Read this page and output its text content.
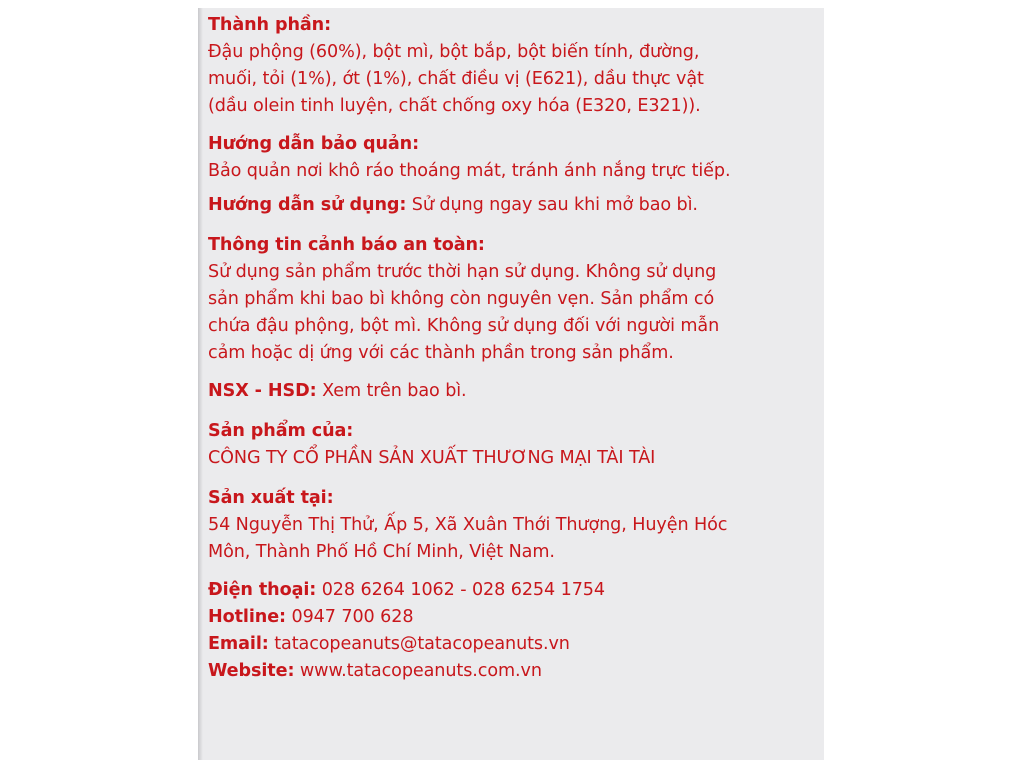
Thành phần:
Đậu phộng (60%), bột mì, bột bắp, bột biến tính, đường,
muối, tỏi (1%), ớt (1%), chất điều vị (E621), dầu thực vật
(dầu olein tinh luyện, chất chống oxy hóa (E320, E321)).
Hướng dẫn bảo quản:
Bảo quản nơi khô ráo thoáng mát, tránh ánh nắng trực tiếp.
Hướng dẫn sử dụng: Sử dụng ngay sau khi mở bao bì.
Thông tin cảnh báo an toàn:
Sử dụng sản phẩm trước thời hạn sử dụng. Không sử dụng
sản phẩm khi bao bì không còn nguyên vẹn. Sản phẩm có
chứa đậu phộng, bột mì. Không sử dụng đối với người mẫn
cảm hoặc dị ứng với các thành phần trong sản phẩm.
NSX - HSD: Xem trên bao bì.
Sản phẩm của:
CÔNG TY CỔ PHẦN SẢN XUẤT THƯƠNG MẠI TÀI TÀI
Sản xuất tại:
54 Nguyễn Thị Thử, Ấp 5, Xã Xuân Thới Thượng, Huyện Hóc
Môn, Thành Phố Hồ Chí Minh, Việt Nam.
Điện thoại: 028 6264 1062 - 028 6254 1754
Hotline: 0947 700 628
Email: tatacopeanuts@tatacopeanuts.vn
Website: www.tatacopeanuts.com.vn
